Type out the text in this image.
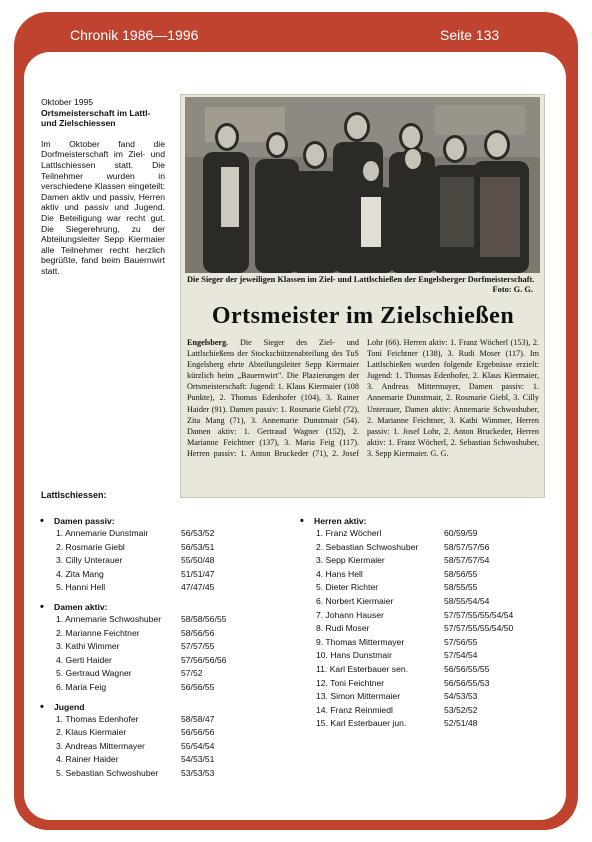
Chronik 1986—1996	Seite 133
Oktober 1995
Ortsmeisterschaft im Lattl- und Zielschiessen
Im Oktober fand die Dorfmeisterschaft im Ziel- und Lattlschiessen statt. Die Teilnehmer wurden in verschiedene Klassen eingeteilt: Damen aktiv und passiv, Herren aktiv und passiv und Jugend. Die Beteiligung war recht gut. Die Siegerehrung, zu der Abteilungsleiter Sepp Kiermaier alle Teilnehmer recht herzlich begrüßte, fand beim Bauernwirt statt.
Die Sieger der jeweiligen Klassen im Ziel- und Lattlschießen der Engelsberger Dorfmeisterschaft.
Foto: G. G.
Ortsmeister im Zielschießen
Engelsberg. Die Sieger des Ziel- und Lattlschießens der Stockschützenabteilung des TuS Engelsberg ehrte Abteilungsleiter Sepp Kiermaier kürzlich beim „Bauernwirt". Die Plazierungen der Ortsmeisterschaft: Jugend: 1. Klaus Kiermaier (108 Punkte), 2. Thomas Edenhofer (104), 3. Rainer Haider (91). Damen passiv: 1. Rosmarie Giebl (72), Zita Mang (71), 3. Annemarie Dunstmair (54). Damen aktiv: 1. Gertraud Wagner (152), 2. Marianne Feichtner (137), 3. Maria Feig (117). Herren passiv: 1. Anton Bruckeder (71), 2. Josef Lohr (66). Herren aktiv: 1. Franz Wöcherl (153), 2. Toni Feichtner (138), 3. Rudi Moser (117). Im Lattlschießen wurden folgende Ergebnisse erzielt: Jugend: 1. Thomas Edenhofer, 2. Klaus Kiermaier, 3. Andreas Mittermayer, Damen passiv: 1. Annemarie Dunstmair, 2. Rosmarie Giebl, 3. Cilly Unterauer, Damen aktiv: Annemarie Schwoshuber, 2. Marianne Feichtner, 3. Kathi Wimmer, Herren passiv: 1. Josef Lohr, 2. Anton Bruckeder, Herren aktiv: 1. Franz Wöcherl, 2. Sebastian Schwoshuber, 3. Sepp Kiermaier. G. G.
Lattlschiessen:
• Damen passiv:
1. Annemarie Dunstmair	56/53/52
2. Rosmarie Giebl	56/53/51
3. Cilly Unterauer	55/50/48
4. Zita Mang	51/51/47
5. Hanni Hell	47/47/45
• Damen aktiv:
1. Annemarie Schwoshuber	58/58/56/55
2. Marianne Feichtner	58/56/56
3. Kathi Wimmer	57/57/55
4. Gerti Haider	57/56/56/56
5. Gertraud Wagner	57/52
6. Maria Feig	56/56/55
• Jugend
1. Thomas Edenhofer	58/58/47
2. Klaus Kiermaier	56/56/56
3. Andreas Mittermayer	55/54/54
4. Rainer Haider	54/53/51
5. Sebastian Schwoshuber	53/53/53
• Herren aktiv:
1. Franz Wöcherl	60/59/59
2. Sebastian Schwoshuber	58/57/57/56
3. Sepp Kiermaier	58/57/57/54
4. Hans Hell	58/56/55
5. Dieter Richter	58/55/55
6. Norbert Kiermaier	58/55/54/54
7. Johann Hauser	57/57/55/55/54/54
8. Rudi Moser	57/57/55/55/54/50
9. Thomas Mittermayer	57/56/55
10. Hans Dunstmair	57/54/54
11. Karl Esterbauer sen.	56/56/55/55
12. Toni Feichtner	56/56/55/53
13. Simon Mittermaier	54/53/53
14. Franz Reinmiedl	53/52/52
15. Karl Esterbauer jun.	52/51/48
